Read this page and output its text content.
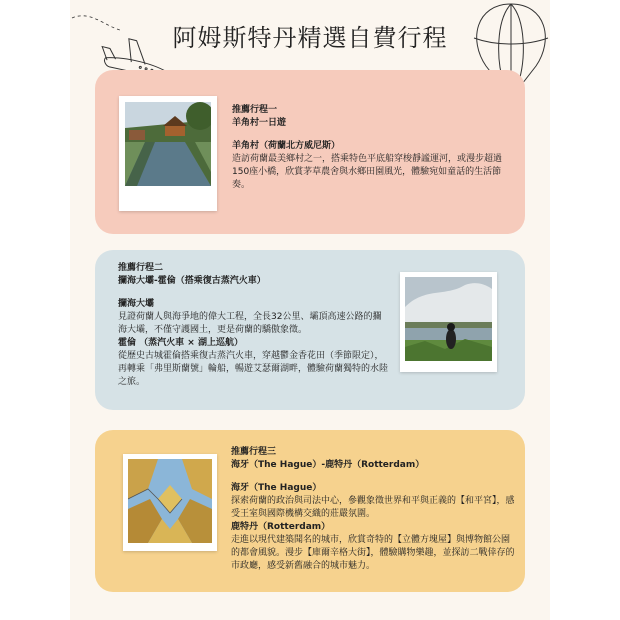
阿姆斯特丹精選自費行程
推薦行程一
羊角村一日遊
羊角村（荷蘭北方威尼斯）

造訪荷蘭最美鄉村之一，搭乘特色平底船穿梭靜謐運河，或漫步超過150座小橋，欣賞茅草農舍與水鄉田園風光，體驗宛如童話的生活節奏。

推薦行程二
攔海大壩-霍倫（搭乘復古蒸汽火車）
攔海大壩

見證荷蘭人與海爭地的偉大工程，全長32公里、壩頂高速公路的攔海大壩，不僅守護國土，更是荷蘭的驕傲象徵。

霍倫 （蒸汽火車 × 湖上巡航）

從歷史古城霍倫搭乘復古蒸汽火車，穿越鬱金香花田（季節限定），再轉乘「弗里斯蘭號」輪船，暢遊艾瑟爾湖畔，體驗荷蘭獨特的水陸之旅。

推薦行程三
海牙（The Hague）-鹿特丹（Rotterdam）
海牙（The Hague）

探索荷蘭的政治與司法中心，參觀象徵世界和平與正義的【和平宮】，感受王室與國際機構交織的莊嚴氛圍。

鹿特丹（Rotterdam）

走進以現代建築聞名的城市，欣賞奇特的【立體方塊屋】與博物館公園的都會風貌。漫步【庫爾辛格大街】，體驗購物樂趣，並探訪二戰倖存的市政廳，感受新舊融合的城市魅力。
